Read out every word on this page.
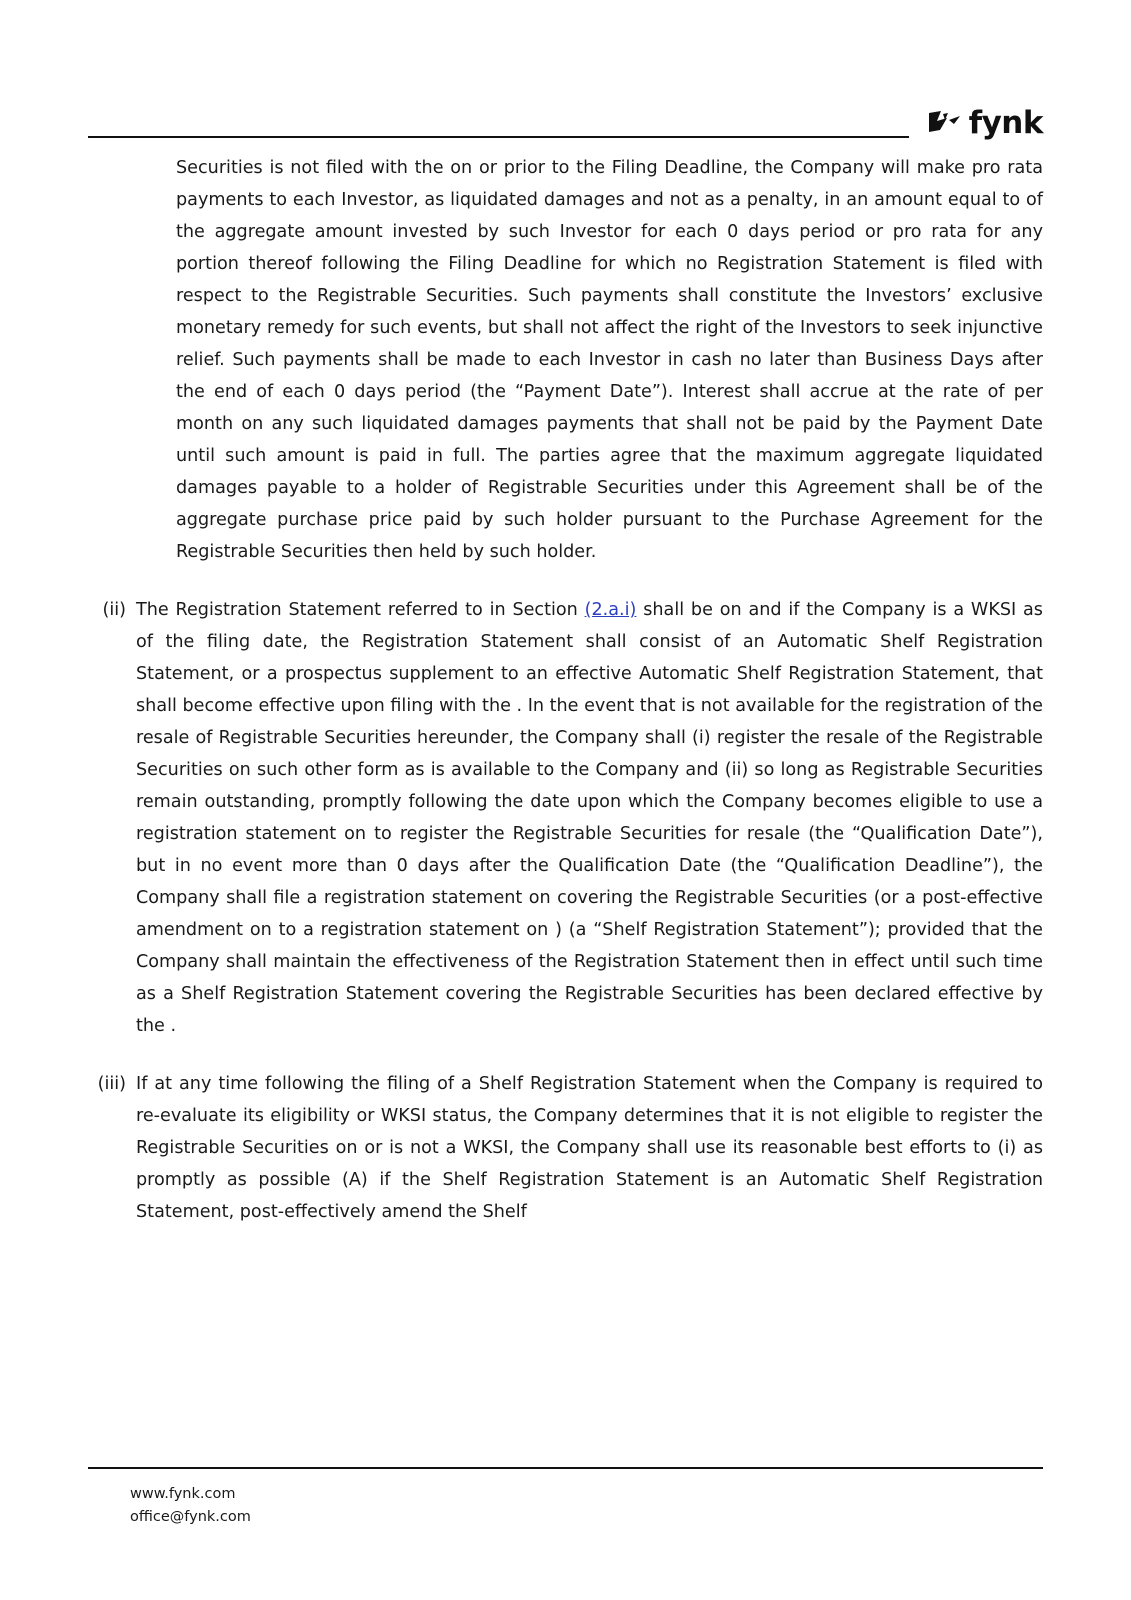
fynk

Securities is not filed with the on or prior to the Filing Deadline, the Company will make pro rata payments to each Investor, as liquidated damages and not as a penalty, in an amount equal to of the aggregate amount invested by such Investor for each 0 days period or pro rata for any portion thereof following the Filing Deadline for which no Registration Statement is filed with respect to the Registrable Securities. Such payments shall constitute the Investors’ exclusive monetary remedy for such events, but shall not affect the right of the Investors to seek injunctive relief. Such payments shall be made to each Investor in cash no later than Business Days after the end of each 0 days period (the “Payment Date”). Interest shall accrue at the rate of per month on any such liquidated damages payments that shall not be paid by the Payment Date until such amount is paid in full. The parties agree that the maximum aggregate liquidated damages payable to a holder of Registrable Securities under this Agreement shall be of the aggregate purchase price paid by such holder pursuant to the Purchase Agreement for the Registrable Securities then held by such holder.

(ii) The Registration Statement referred to in Section (2.a.i) shall be on and if the Company is a WKSI as of the filing date, the Registration Statement shall consist of an Automatic Shelf Registration Statement, or a prospectus supplement to an effective Automatic Shelf Registration Statement, that shall become effective upon filing with the . In the event that is not available for the registration of the resale of Registrable Securities hereunder, the Company shall (i) register the resale of the Registrable Securities on such other form as is available to the Company and (ii) so long as Registrable Securities remain outstanding, promptly following the date upon which the Company becomes eligible to use a registration statement on to register the Registrable Securities for resale (the “Qualification Date”), but in no event more than 0 days after the Qualification Date (the “Qualification Deadline”), the Company shall file a registration statement on covering the Registrable Securities (or a post-effective amendment on to a registration statement on ) (a “Shelf Registration Statement”); provided that the Company shall maintain the effectiveness of the Registration Statement then in effect until such time as a Shelf Registration Statement covering the Registrable Securities has been declared effective by the .

(iii) If at any time following the filing of a Shelf Registration Statement when the Company is required to re-evaluate its eligibility or WKSI status, the Company determines that it is not eligible to register the Registrable Securities on or is not a WKSI, the Company shall use its reasonable best efforts to (i) as promptly as possible (A) if the Shelf Registration Statement is an Automatic Shelf Registration Statement, post-effectively amend the Shelf

www.fynk.com
office@fynk.com
